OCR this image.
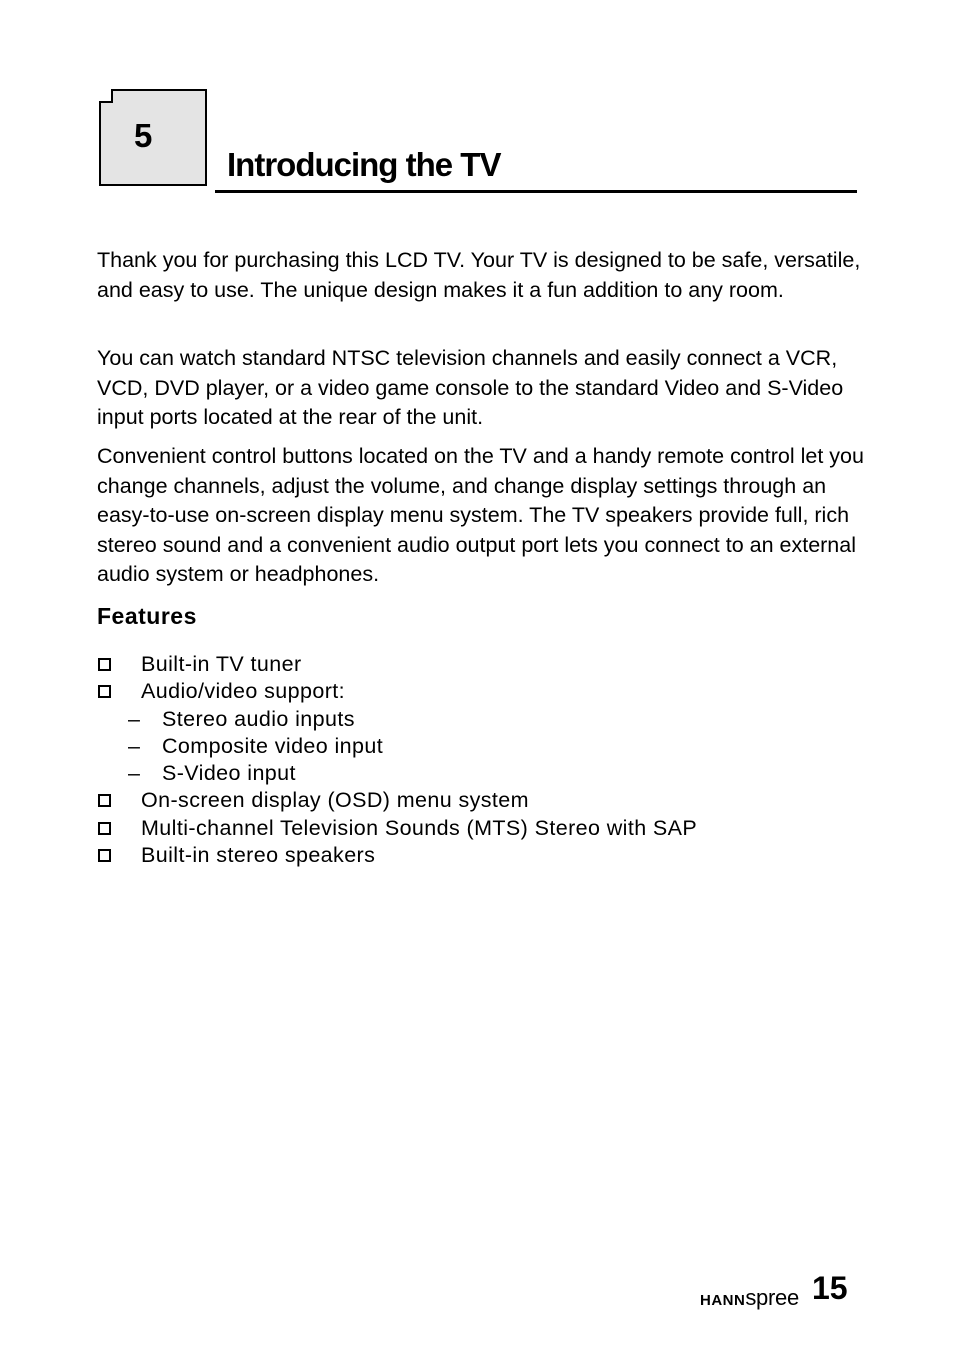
5
Introducing the TV

Thank you for purchasing this LCD TV. Your TV is designed to be safe, versatile, and easy to use. The unique design makes it a fun addition to any room.

You can watch standard NTSC television channels and easily connect a VCR, VCD, DVD player, or a video game console to the standard Video and S-Video input ports located at the rear of the unit.

Convenient control buttons located on the TV and a handy remote control let you change channels, adjust the volume, and change display settings through an easy-to-use on-screen display menu system. The TV speakers provide full, rich stereo sound and a convenient audio output port lets you connect to an external audio system or headphones.

Features
Built-in TV tuner
Audio/video support:
– Stereo audio inputs
– Composite video input
– S-Video input
On-screen display (OSD) menu system
Multi-channel Television Sounds (MTS) Stereo with SAP
Built-in stereo speakers
HANNspree 15
